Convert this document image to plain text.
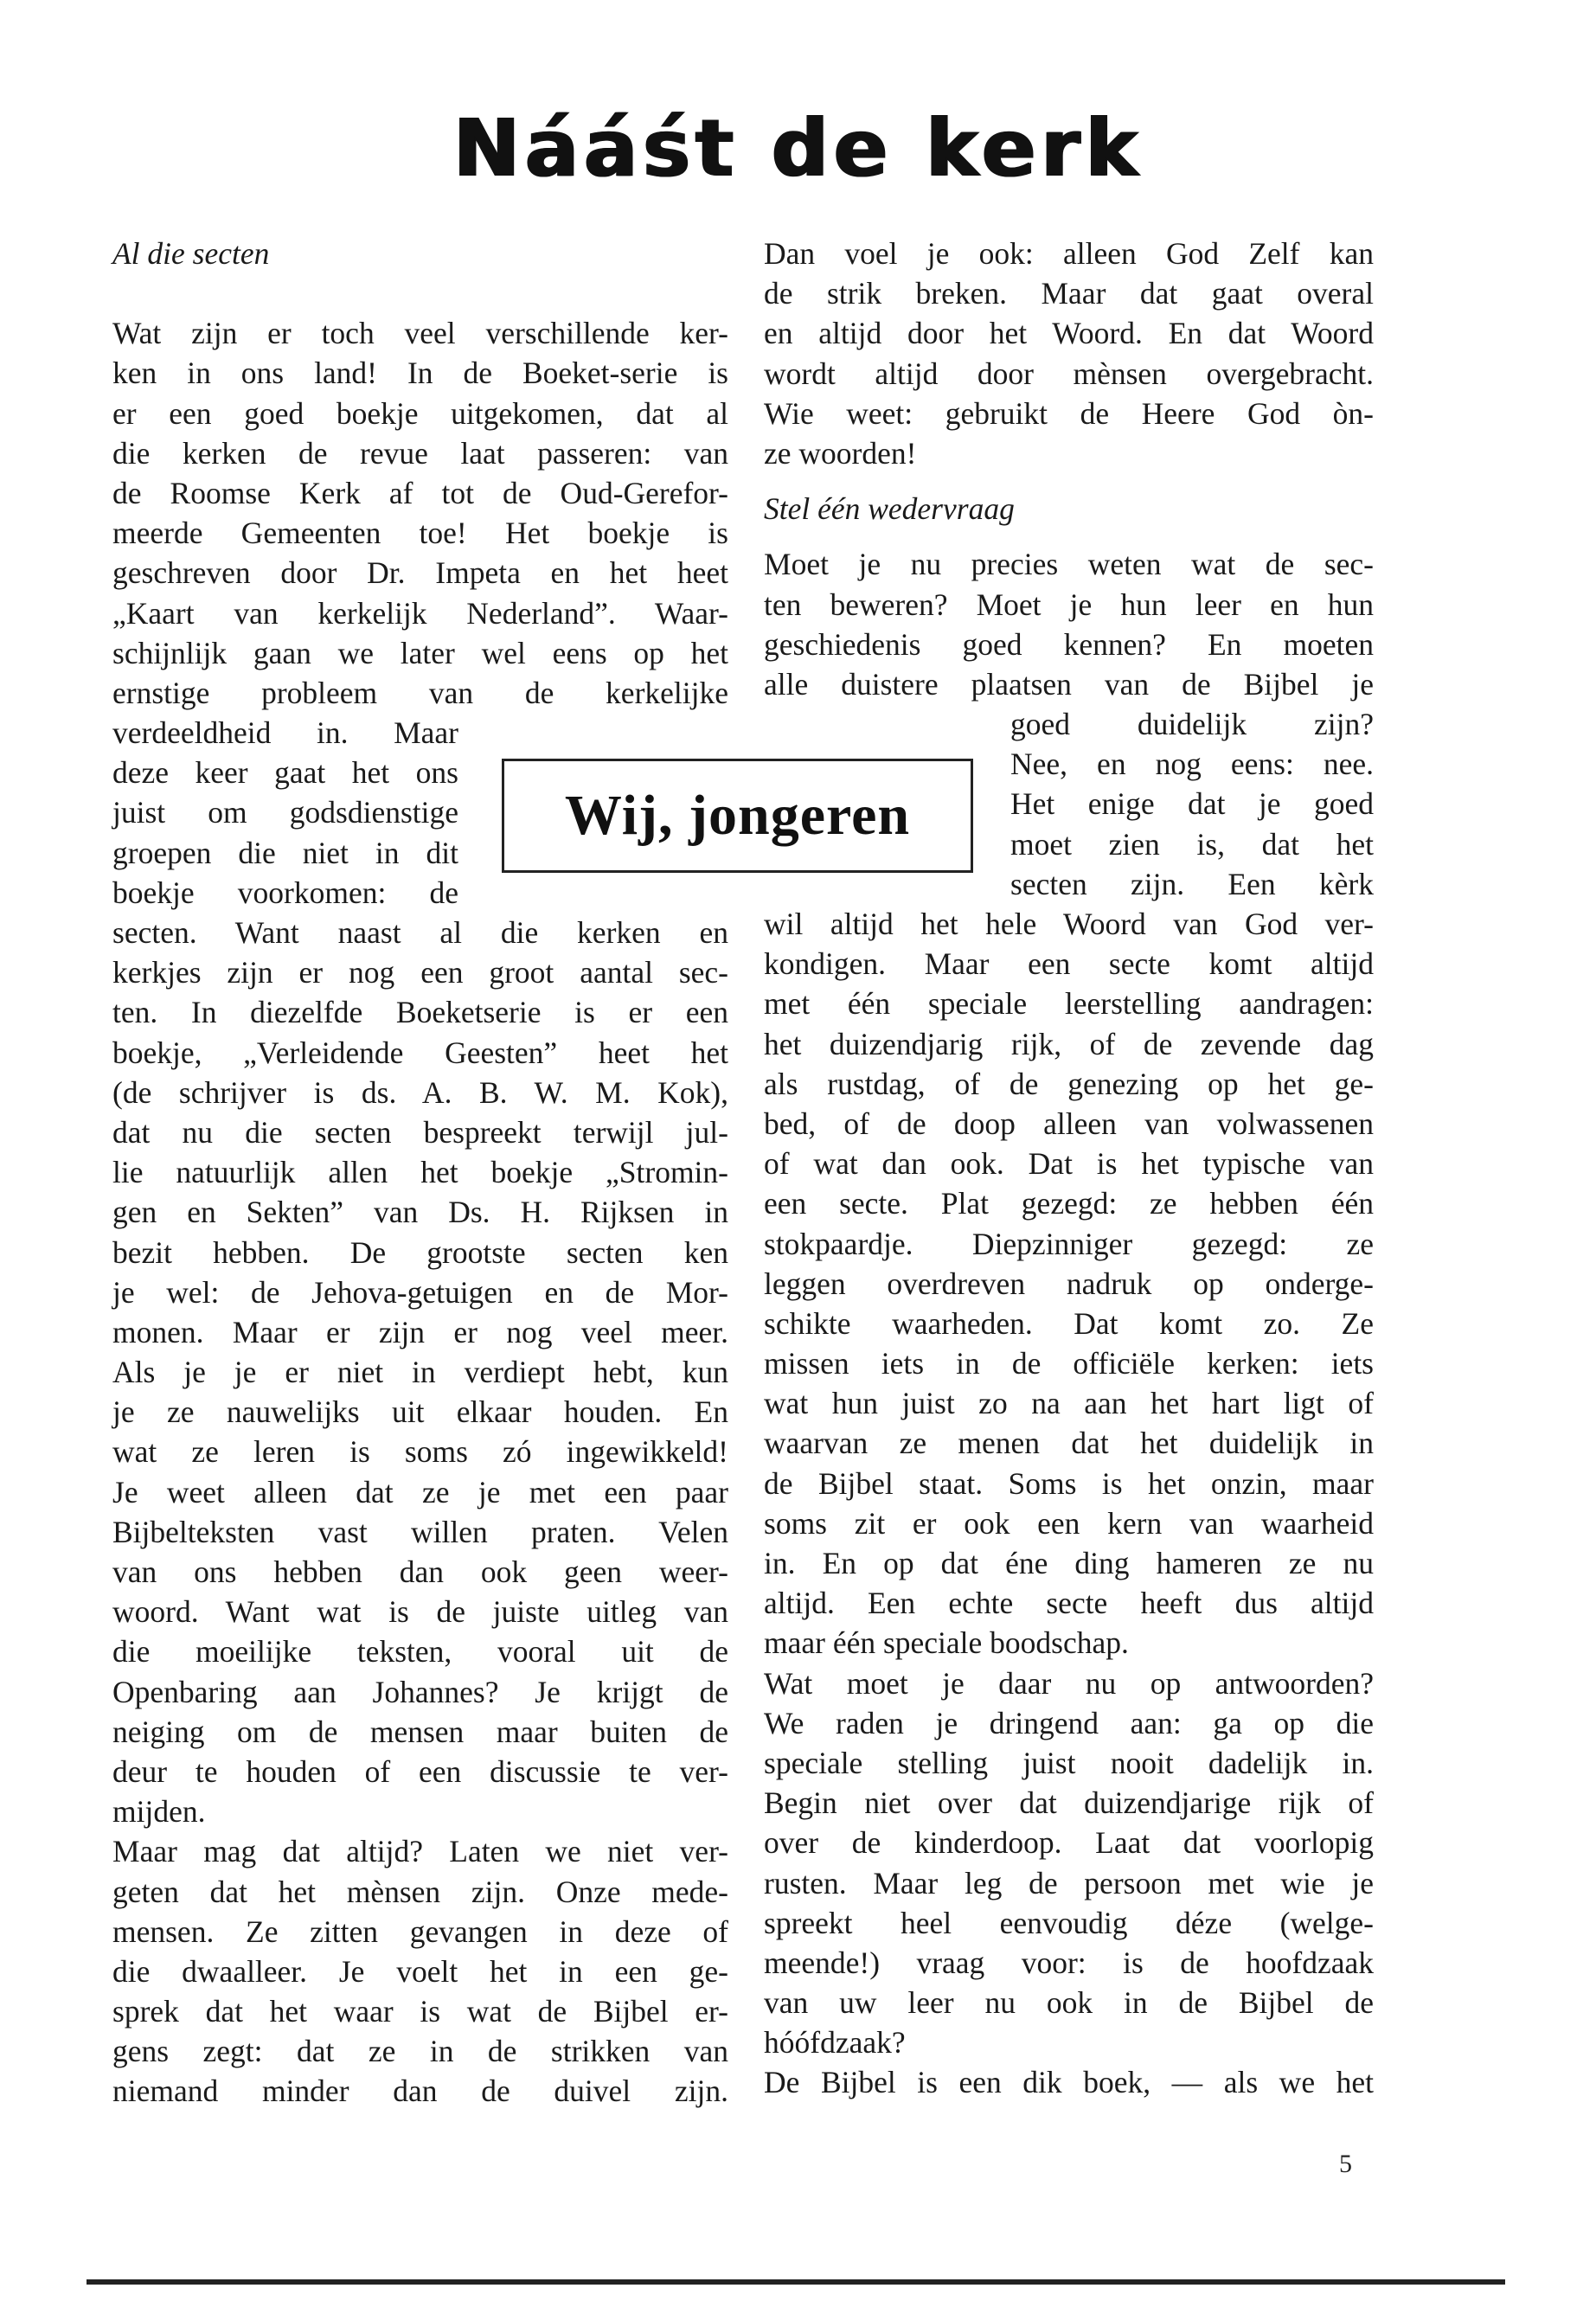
Nááśt de kerk
Al die secten
Wat zijn er toch veel verschillende ker-
ken in ons land! In de Boeket-serie is
er een goed boekje uitgekomen, dat al
die kerken de revue laat passeren: van
de Roomse Kerk af tot de Oud-Gerefor-
meerde Gemeenten toe! Het boekje is
geschreven door Dr. Impeta en het heet
„Kaart van kerkelijk Nederland”. Waar-
schijnlijk gaan we later wel eens op het
ernstige probleem van de kerkelijke
verdeeldheid in. Maar
deze keer gaat het ons
juist om godsdienstige
groepen die niet in dit
boekje voorkomen: de
secten. Want naast al die kerken en
kerkjes zijn er nog een groot aantal sec-
ten. In diezelfde Boeketserie is er een
boekje, „Verleidende Geesten” heet het
(de schrijver is ds. A. B. W. M. Kok),
dat nu die secten bespreekt terwijl jul-
lie natuurlijk allen het boekje „Stromin-
gen en Sekten” van Ds. H. Rijksen in
bezit hebben. De grootste secten ken
je wel: de Jehova-getuigen en de Mor-
monen. Maar er zijn er nog veel meer.
Als je je er niet in verdiept hebt, kun
je ze nauwelijks uit elkaar houden. En
wat ze leren is soms zó ingewikkeld!
Je weet alleen dat ze je met een paar
Bijbelteksten vast willen praten. Velen
van ons hebben dan ook geen weer-
woord. Want wat is de juiste uitleg van
die moeilijke teksten, vooral uit de
Openbaring aan Johannes? Je krijgt de
neiging om de mensen maar buiten de
deur te houden of een discussie te ver-
mijden.
Maar mag dat altijd? Laten we niet ver-
geten dat het mènsen zijn. Onze mede-
mensen. Ze zitten gevangen in deze of
die dwaalleer. Je voelt het in een ge-
sprek dat het waar is wat de Bijbel er-
gens zegt: dat ze in de strikken van
niemand minder dan de duivel zijn.
Dan voel je ook: alleen God Zelf kan
de strik breken. Maar dat gaat overal
en altijd door het Woord. En dat Woord
wordt altijd door mènsen overgebracht.
Wie weet: gebruikt de Heere God òn-
ze woorden!
Stel één wedervraag
Moet je nu precies weten wat de sec-
ten beweren? Moet je hun leer en hun
geschiedenis goed kennen? En moeten
alle duistere plaatsen van de Bijbel je
goed duidelijk zijn?
Nee, en nog eens: nee.
Het enige dat je goed
moet zien is, dat het
secten zijn. Een kèrk
wil altijd het hele Woord van God ver-
kondigen. Maar een secte komt altijd
met één speciale leerstelling aandragen:
het duizendjarig rijk, of de zevende dag
als rustdag, of de genezing op het ge-
bed, of de doop alleen van volwassenen
of wat dan ook. Dat is het typische van
een secte. Plat gezegd: ze hebben één
stokpaardje. Diepzinniger gezegd: ze
leggen overdreven nadruk op onderge-
schikte waarheden. Dat komt zo. Ze
missen iets in de officiële kerken: iets
wat hun juist zo na aan het hart ligt of
waarvan ze menen dat het duidelijk in
de Bijbel staat. Soms is het onzin, maar
soms zit er ook een kern van waarheid
in. En op dat éne ding hameren ze nu
altijd. Een echte secte heeft dus altijd
maar één speciale boodschap.
Wat moet je daar nu op antwoorden?
We raden je dringend aan: ga op die
speciale stelling juist nooit dadelijk in.
Begin niet over dat duizendjarige rijk of
over de kinderdoop. Laat dat voorlopig
rusten. Maar leg de persoon met wie je
spreekt heel eenvoudig déze (welge-
meende!) vraag voor: is de hoofdzaak
van uw leer nu ook in de Bijbel de
hóófdzaak?
De Bijbel is een dik boek, — als we het
Wij, jongeren
5
